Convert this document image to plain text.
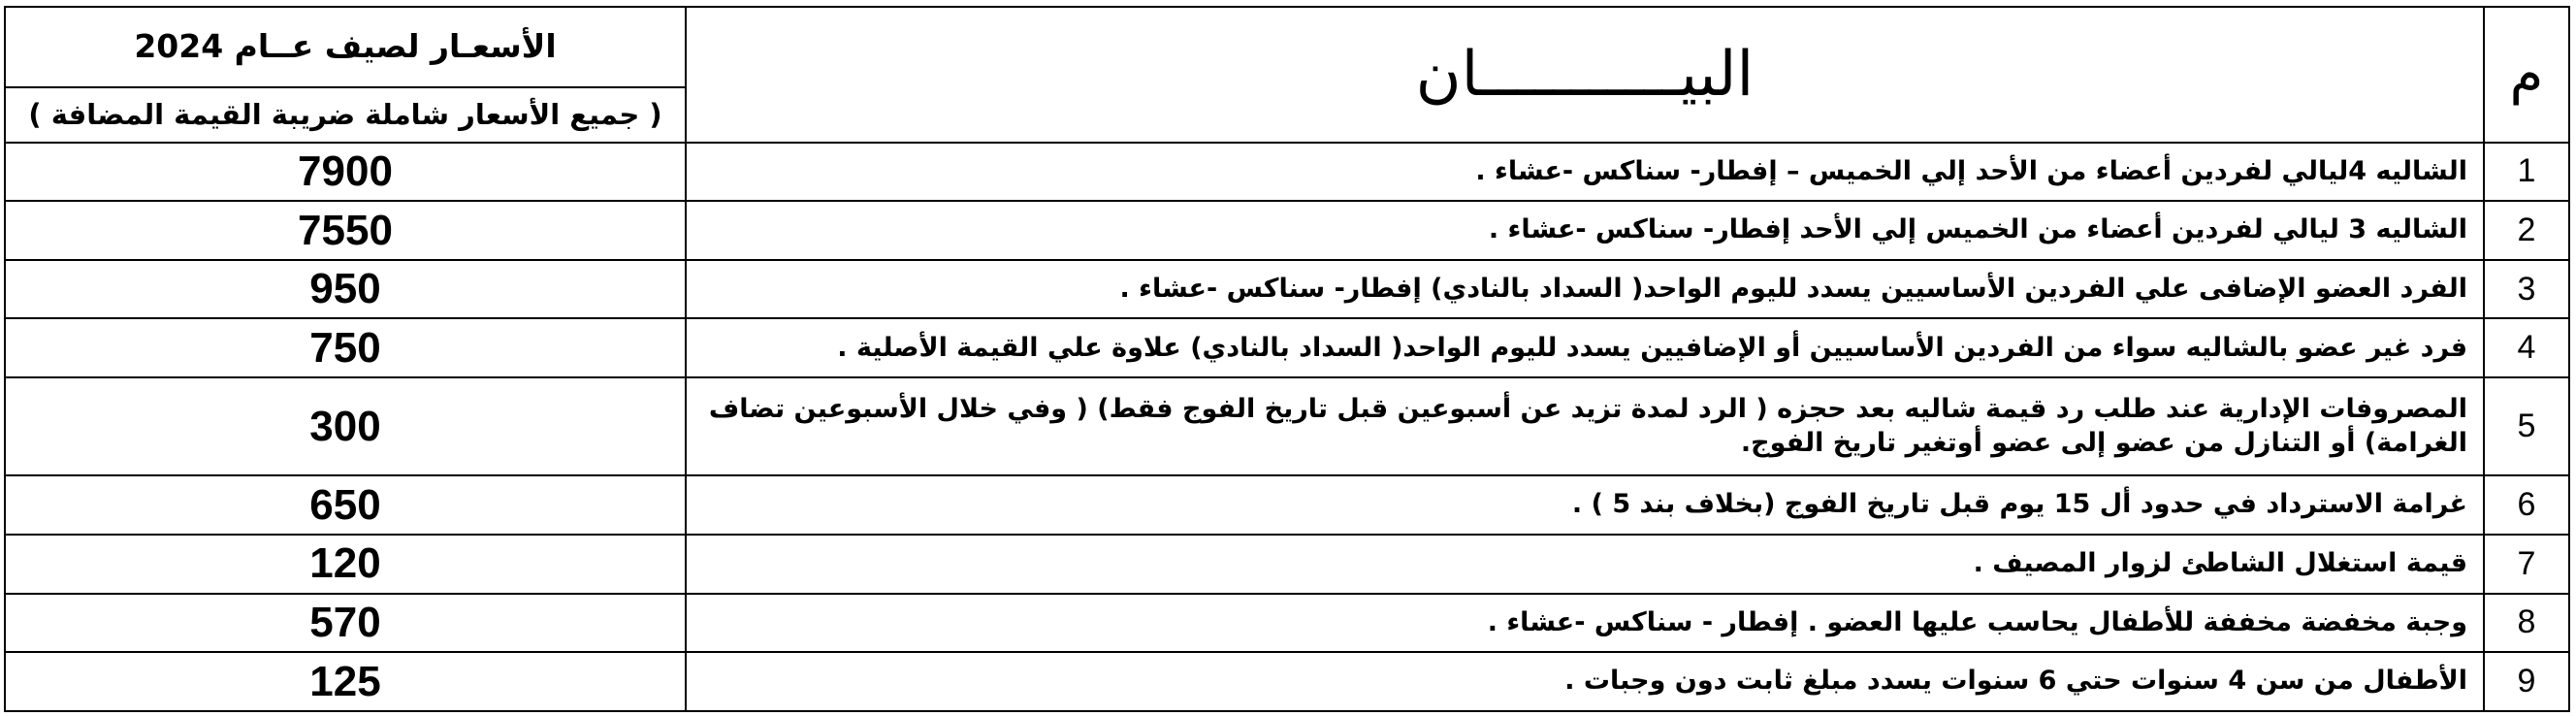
الأسعـار لصيف عــام 2024	البيـــــــــــان	م
( جميع الأسعار شاملة ضريبة القيمة المضافة )		
7900	الشاليه 4ليالي لفردين أعضاء من الأحد إلي الخميس – إفطار- سناكس -عشاء .	1
7550	الشاليه 3 ليالي لفردين أعضاء من الخميس إلي الأحد إفطار- سناكس -عشاء .	2
950	الفرد العضو الإضافى علي الفردين الأساسيين يسدد لليوم الواحد( السداد بالنادي) إفطار- سناكس -عشاء .	3
750	فرد غير عضو بالشاليه سواء من الفردين الأساسيين أو الإضافيين يسدد لليوم الواحد( السداد بالنادي) علاوة علي القيمة الأصلية .	4
300	المصروفات الإدارية عند طلب رد قيمة شاليه بعد حجزه ( الرد لمدة تزيد عن أسبوعين قبل تاريخ الفوج فقط) ( وفي خلال الأسبوعين تضاف الغرامة) أو التنازل من عضو إلى عضو أوتغير تاريخ الفوج.	5
650	غرامة الاسترداد في حدود أل 15 يوم قبل تاريخ الفوج (بخلاف بند 5 ) .	6
120	قيمة استغلال الشاطئ لزوار المصيف .	7
570	وجبة مخفضة مخففة للأطفال يحاسب عليها العضو . إفطار - سناكس -عشاء .	8
125	الأطفال من سن 4 سنوات حتي 6 سنوات يسدد مبلغ ثابت دون وجبات .	9
